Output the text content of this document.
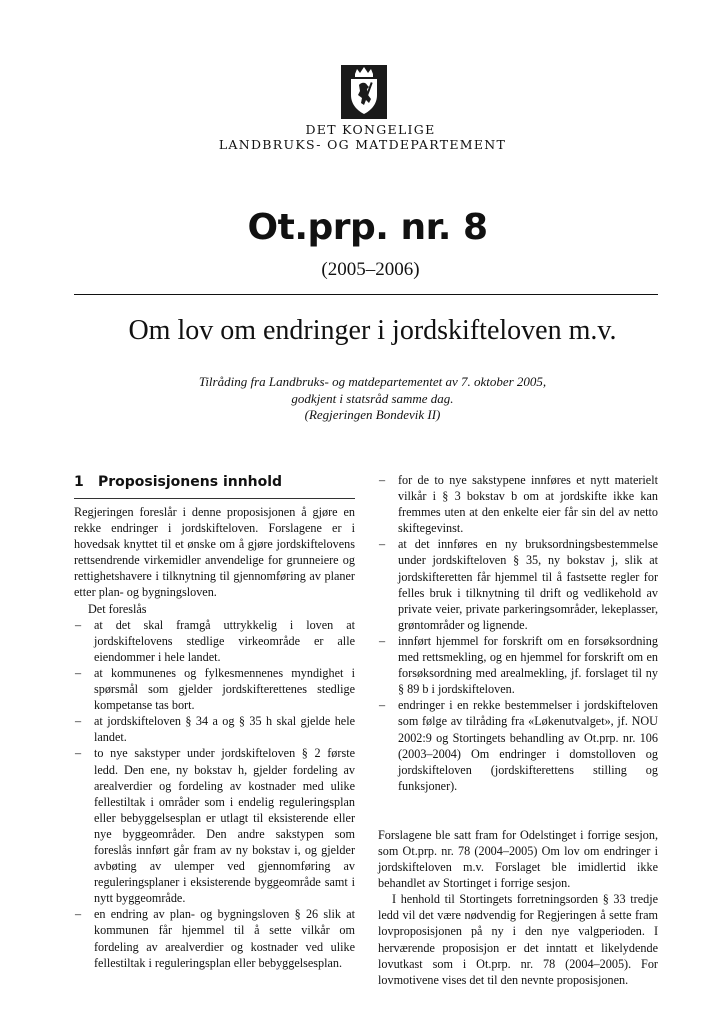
DET KONGELIGE
LANDBRUKS- OG MATDEPARTEMENT
Ot.prp. nr. 8
(2005–2006)
Om lov om endringer i jordskifteloven m.v.
Tilråding fra Landbruks- og matdepartementet av 7. oktober 2005,
godkjent i statsråd samme dag.
(Regjeringen Bondevik II)
1	Proposisjonens innhold

Regjeringen foreslår i denne proposisjonen å gjøre en rekke endringer i jordskifteloven. Forslagene er i hovedsak knyttet til et ønske om å gjøre jordskiftelovens rettsendrende virkemidler anvendelige for grunneiere og rettighetshavere i tilknytning til gjennomføring av planer etter plan- og bygningsloven.

Det foreslås

– at det skal framgå uttrykkelig i loven at jordskiftelovens stedlige virkeområde er alle eiendommer i hele landet.
– at kommunenes og fylkesmennenes myndighet i spørsmål som gjelder jordskifterettenes stedlige kompetanse tas bort.
– at jordskifteloven § 34 a og § 35 h skal gjelde hele landet.
– to nye sakstyper under jordskifteloven § 2 første ledd. Den ene, ny bokstav h, gjelder fordeling av arealverdier og fordeling av kostnader med ulike fellestiltak i områder som i endelig reguleringsplan eller bebyggelsesplan er utlagt til eksisterende eller nye byggeområder. Den andre sakstypen som foreslås innført går fram av ny bokstav i, og gjelder avbøting av ulemper ved gjennomføring av reguleringsplaner i eksisterende byggeområde samt i nytt byggeområde.
– en endring av plan- og bygningsloven § 26 slik at kommunen får hjemmel til å sette vilkår om fordeling av arealverdier og kostnader ved ulike fellestiltak i reguleringsplan eller bebyggelsesplan.
– for de to nye sakstypene innføres et nytt materielt vilkår i § 3 bokstav b om at jordskifte ikke kan fremmes uten at den enkelte eier får sin del av netto skiftegevinst.
– at det innføres en ny bruksordningsbestemmelse under jordskifteloven § 35, ny bokstav j, slik at jordskifteretten får hjemmel til å fastsette regler for felles bruk i tilknytning til drift og vedlikehold av private veier, private parkeringsområder, lekeplasser, grøntområder og lignende.
– innført hjemmel for forskrift om en forsøksordning med rettsmekling, og en hjemmel for forskrift om en forsøksordning med arealmekling, jf. forslaget til ny § 89 b i jordskifteloven.
– endringer i en rekke bestemmelser i jordskifteloven som følge av tilråding fra «Løkenutvalget», jf. NOU 2002:9 og Stortingets behandling av Ot.prp. nr. 106 (2003–2004) Om endringer i domstolloven og jordskifteloven (jordskifterettens stilling og funksjoner).

Forslagene ble satt fram for Odelstinget i forrige sesjon, som Ot.prp. nr. 78 (2004–2005) Om lov om endringer i jordskifteloven m.v. Forslaget ble imidlertid ikke behandlet av Stortinget i forrige sesjon.

I henhold til Stortingets forretningsorden § 33 tredje ledd vil det være nødvendig for Regjeringen å sette fram lovproposisjonen på ny i den nye valgperioden. I herværende proposisjon er det inntatt et likelydende lovutkast som i Ot.prp. nr. 78 (2004–2005). For lovmotivene vises det til den nevnte proposisjonen.
